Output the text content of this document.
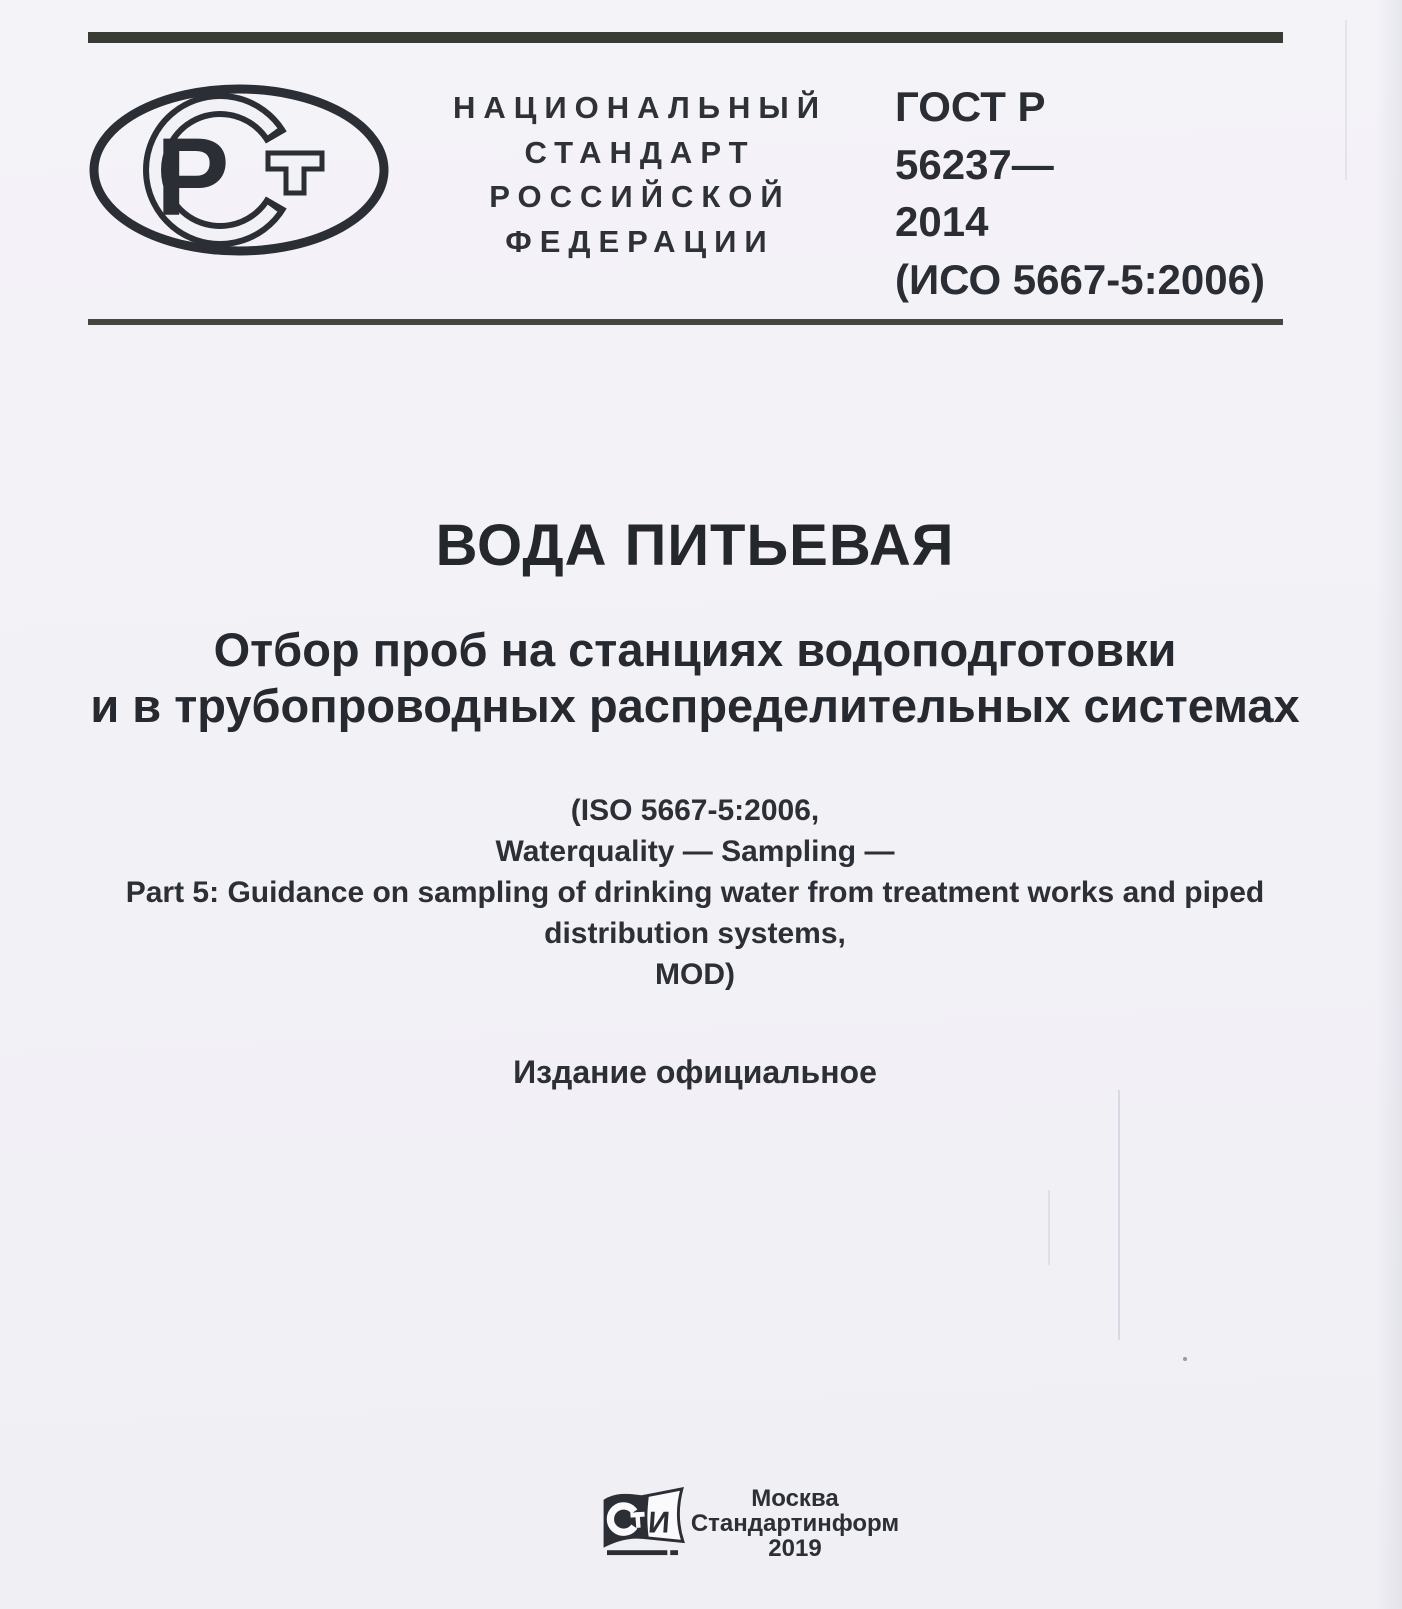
Р
НАЦИОНАЛЬНЫЙ
СТАНДАРТ
РОССИЙСКОЙ
ФЕДЕРАЦИИ
ГОСТ Р
56237—
2014
(ИСО 5667-5:2006)
ВОДА ПИТЬЕВАЯ
Отбор проб на станциях водоподготовки
и в трубопроводных распределительных системах
(ISO 5667-5:2006,
Waterquality — Sampling —
Part 5: Guidance on sampling of drinking water from treatment works and piped
distribution systems,
MOD)
Издание официальное
И
Москва
Стандартинформ
2019
